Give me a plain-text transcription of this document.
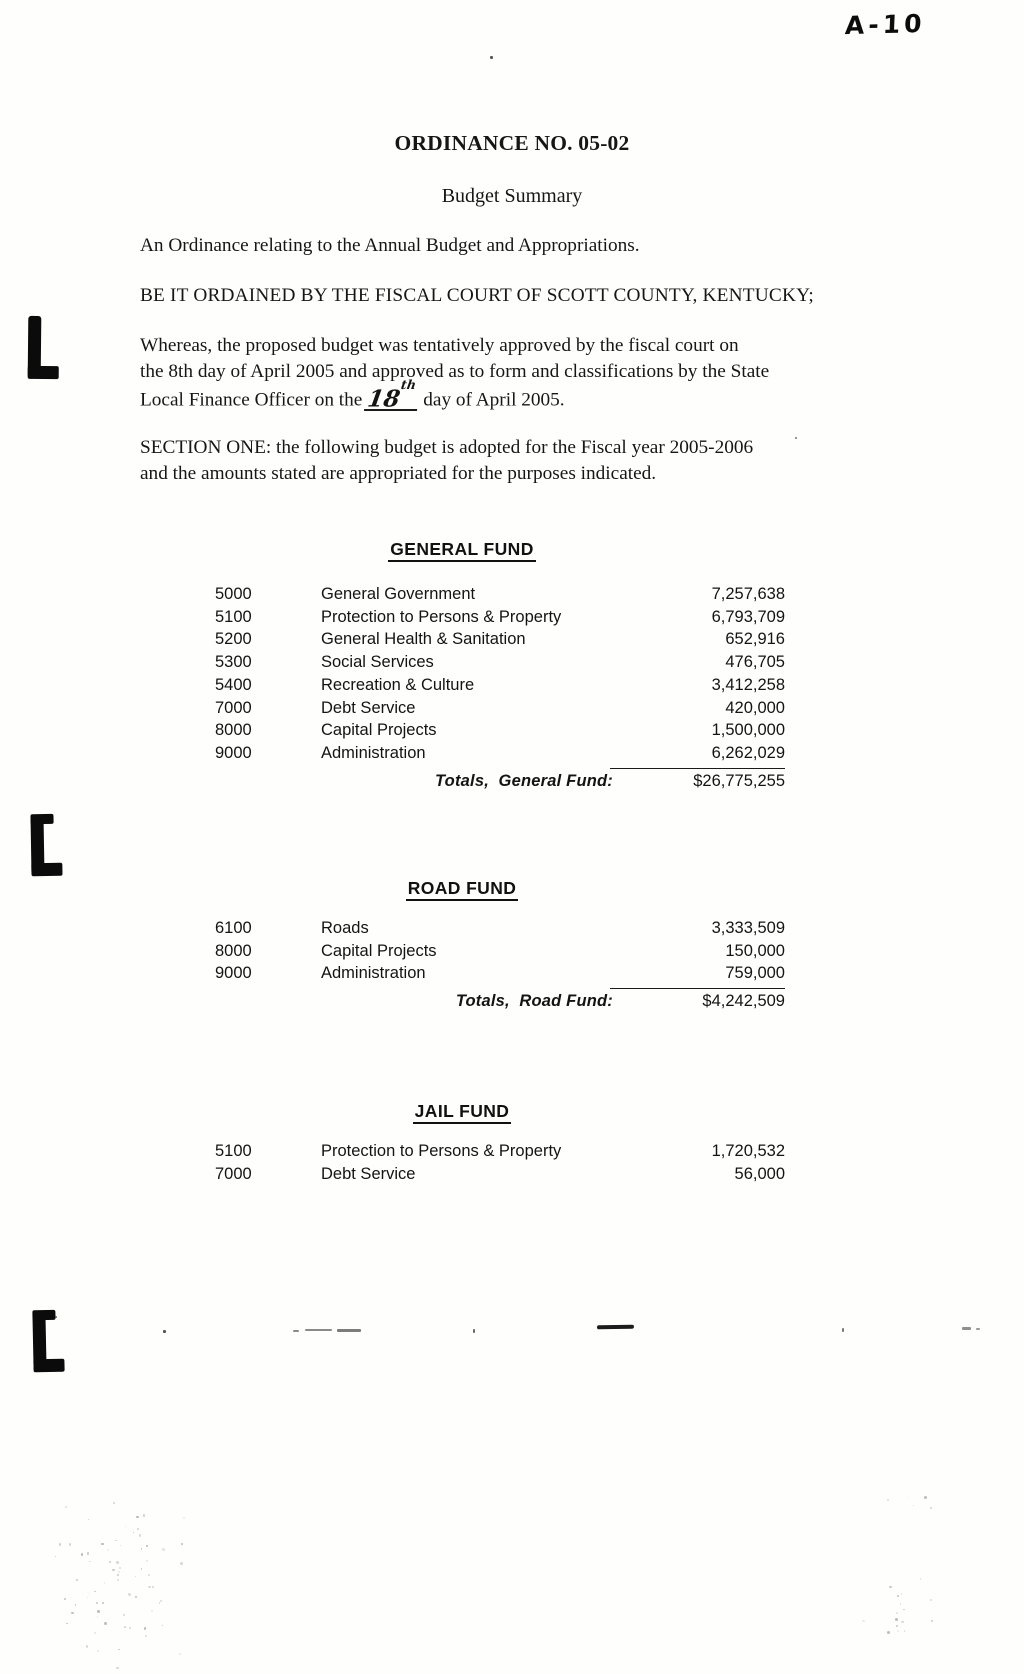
A-10
ORDINANCE NO. 05-02
Budget Summary

An Ordinance relating to the Annual Budget and Appropriations.

BE IT ORDAINED BY THE FISCAL COURT OF SCOTT COUNTY, KENTUCKY;

Whereas, the proposed budget was tentatively approved by the fiscal court on
the 8th day of April 2005 and approved as to form and classifications by the State
Local Finance Officer on the 18thday of April 2005.
SECTION ONE: the following budget is adopted for the Fiscal year 2005-2006
and the amounts stated are appropriated for the purposes indicated.
GENERAL FUND
5000	General Government	7,257,638
5100	Protection to Persons & Property	6,793,709
5200	General Health & Sanitation	652,916
5300	Social Services	476,705
5400	Recreation & Culture	3,412,258
7000	Debt Service	420,000
8000	Capital Projects	1,500,000
9000	Administration	6,262,029
Totals,  General Fund:	$26,775,255
ROAD FUND
6100	Roads	3,333,509
8000	Capital Projects	150,000
9000	Administration	759,000
Totals,  Road Fund:	$4,242,509
JAIL FUND
5100	Protection to Persons & Property	1,720,532
7000	Debt Service	56,000
